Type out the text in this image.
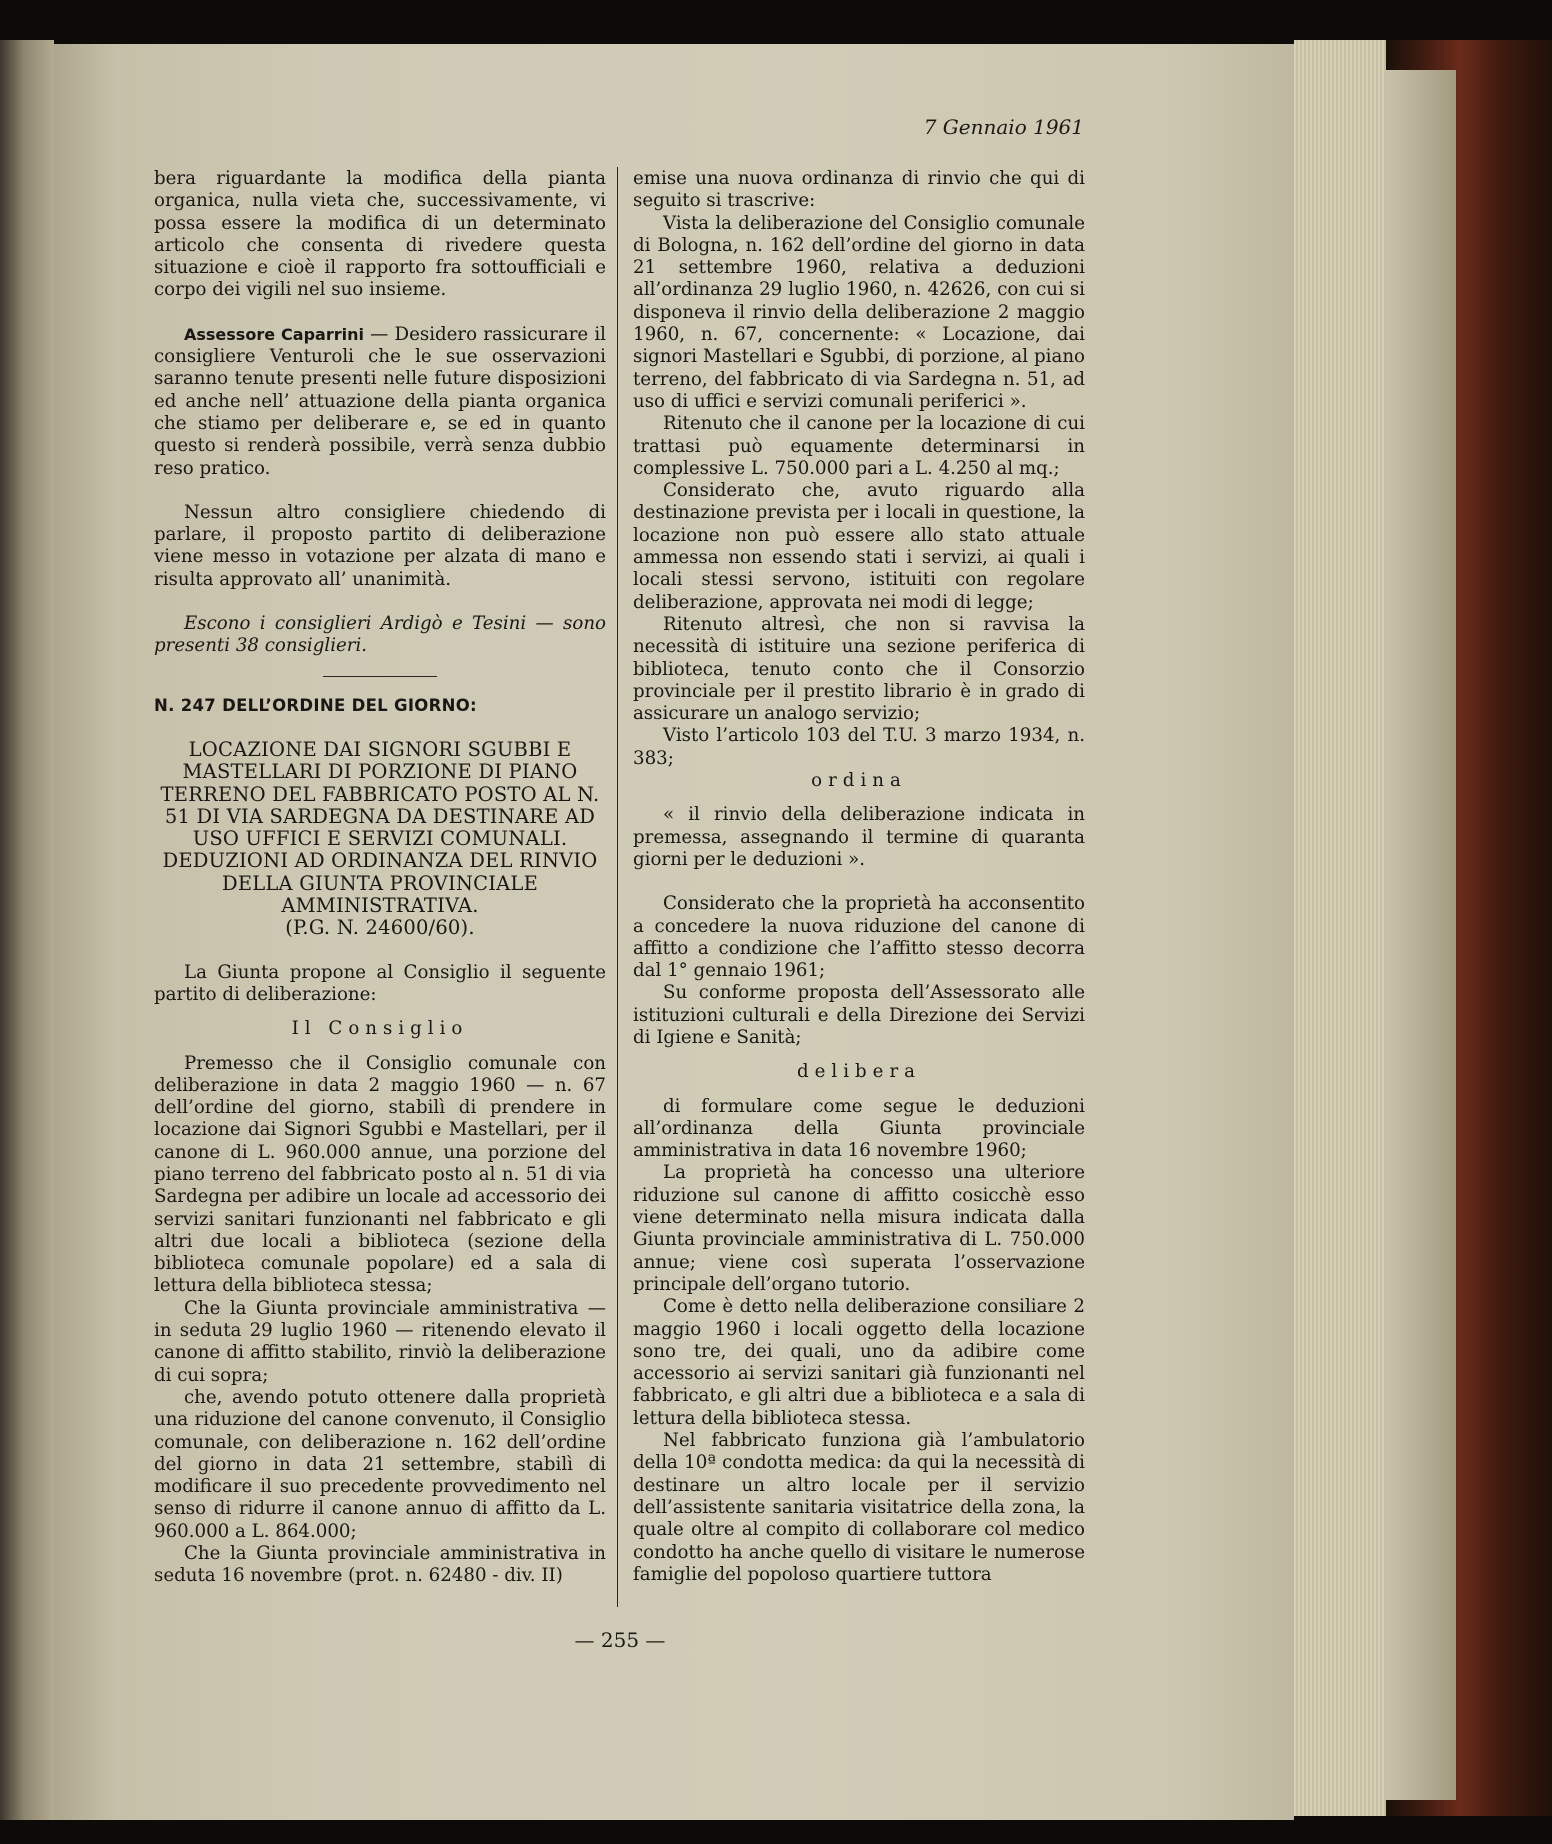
7 Gennaio 1961

bera riguardante la modifica della pianta organica, nulla vieta che, successivamente, vi possa essere la modifica di un determinato articolo che consenta di rivedere questa situazione e cioè il rapporto fra sottoufficiali e corpo dei vigili nel suo insieme.

Assessore Caparrini — Desidero rassicurare il consigliere Venturoli che le sue osservazioni saranno tenute presenti nelle future disposizioni ed anche nell’ attuazione della pianta organica che stiamo per deliberare e, se ed in quanto questo si renderà possibile, verrà senza dubbio reso pratico.

Nessun altro consigliere chiedendo di parlare, il proposto partito di deliberazione viene messo in votazione per alzata di mano e risulta approvato all’ unanimità.

Escono i consiglieri Ardigò e Tesini — sono presenti 38 consiglieri.

N. 247 DELL’ORDINE DEL GIORNO:

LOCAZIONE DAI SIGNORI SGUBBI E MASTELLARI DI PORZIONE DI PIANO TERRENO DEL FABBRICATO POSTO AL N. 51 DI VIA SARDEGNA DA DESTINARE AD USO UFFICI E SERVIZI COMUNALI. DEDUZIONI AD ORDINANZA DEL RINVIO DELLA GIUNTA PROVINCIALE AMMINISTRATIVA.

(P.G. N. 24600/60).

La Giunta propone al Consiglio il seguente partito di deliberazione:

Il Consiglio

Premesso che il Consiglio comunale con deliberazione in data 2 maggio 1960 — n. 67 dell’ordine del giorno, stabilì di prendere in locazione dai Signori Sgubbi e Mastellari, per il canone di L. 960.000 annue, una porzione del piano terreno del fabbricato posto al n. 51 di via Sardegna per adibire un locale ad accessorio dei servizi sanitari funzionanti nel fabbricato e gli altri due locali a biblioteca (sezione della biblioteca comunale popolare) ed a sala di lettura della biblioteca stessa;

Che la Giunta provinciale amministrativa — in seduta 29 luglio 1960 — ritenendo elevato il canone di affitto stabilito, rinviò la deliberazione di cui sopra;

che, avendo potuto ottenere dalla proprietà una riduzione del canone convenuto, il Consiglio comunale, con deliberazione n. 162 dell’ordine del giorno in data 21 settembre, stabilì di modificare il suo precedente provvedimento nel senso di ridurre il canone annuo di affitto da L. 960.000 a L. 864.000;

Che la Giunta provinciale amministrativa in seduta 16 novembre (prot. n. 62480 - div. II)

emise una nuova ordinanza di rinvio che qui di seguito si trascrive:

Vista la deliberazione del Consiglio comunale di Bologna, n. 162 dell’ordine del giorno in data 21 settembre 1960, relativa a deduzioni all’ordinanza 29 luglio 1960, n. 42626, con cui si disponeva il rinvio della deliberazione 2 maggio 1960, n. 67, concernente: « Locazione, dai signori Mastellari e Sgubbi, di porzione, al piano terreno, del fabbricato di via Sardegna n. 51, ad uso di uffici e servizi comunali periferici ».

Ritenuto che il canone per la locazione di cui trattasi può equamente determinarsi in complessive L. 750.000 pari a L. 4.250 al mq.;

Considerato che, avuto riguardo alla destinazione prevista per i locali in questione, la locazione non può essere allo stato attuale ammessa non essendo stati i servizi, ai quali i locali stessi servono, istituiti con regolare deliberazione, approvata nei modi di legge;

Ritenuto altresì, che non si ravvisa la necessità di istituire una sezione periferica di biblioteca, tenuto conto che il Consorzio provinciale per il prestito librario è in grado di assicurare un analogo servizio;

Visto l’articolo 103 del T.U. 3 marzo 1934, n. 383;

ordina

« il rinvio della deliberazione indicata in premessa, assegnando il termine di quaranta giorni per le deduzioni ».

Considerato che la proprietà ha acconsentito a concedere la nuova riduzione del canone di affitto a condizione che l’affitto stesso decorra dal 1° gennaio 1961;

Su conforme proposta dell’Assessorato alle istituzioni culturali e della Direzione dei Servizi di Igiene e Sanità;

delibera

di formulare come segue le deduzioni all’ordinanza della Giunta provinciale amministrativa in data 16 novembre 1960;

La proprietà ha concesso una ulteriore riduzione sul canone di affitto cosicchè esso viene determinato nella misura indicata dalla Giunta provinciale amministrativa di L. 750.000 annue; viene così superata l’osservazione principale dell’organo tutorio.

Come è detto nella deliberazione consiliare 2 maggio 1960 i locali oggetto della locazione sono tre, dei quali, uno da adibire come accessorio ai servizi sanitari già funzionanti nel fabbricato, e gli altri due a biblioteca e a sala di lettura della biblioteca stessa.

Nel fabbricato funziona già l’ambulatorio della 10ª condotta medica: da qui la necessità di destinare un altro locale per il servizio dell’assistente sanitaria visitatrice della zona, la quale oltre al compito di collaborare col medico condotto ha anche quello di visitare le numerose famiglie del popoloso quartiere tuttora

— 255 —
